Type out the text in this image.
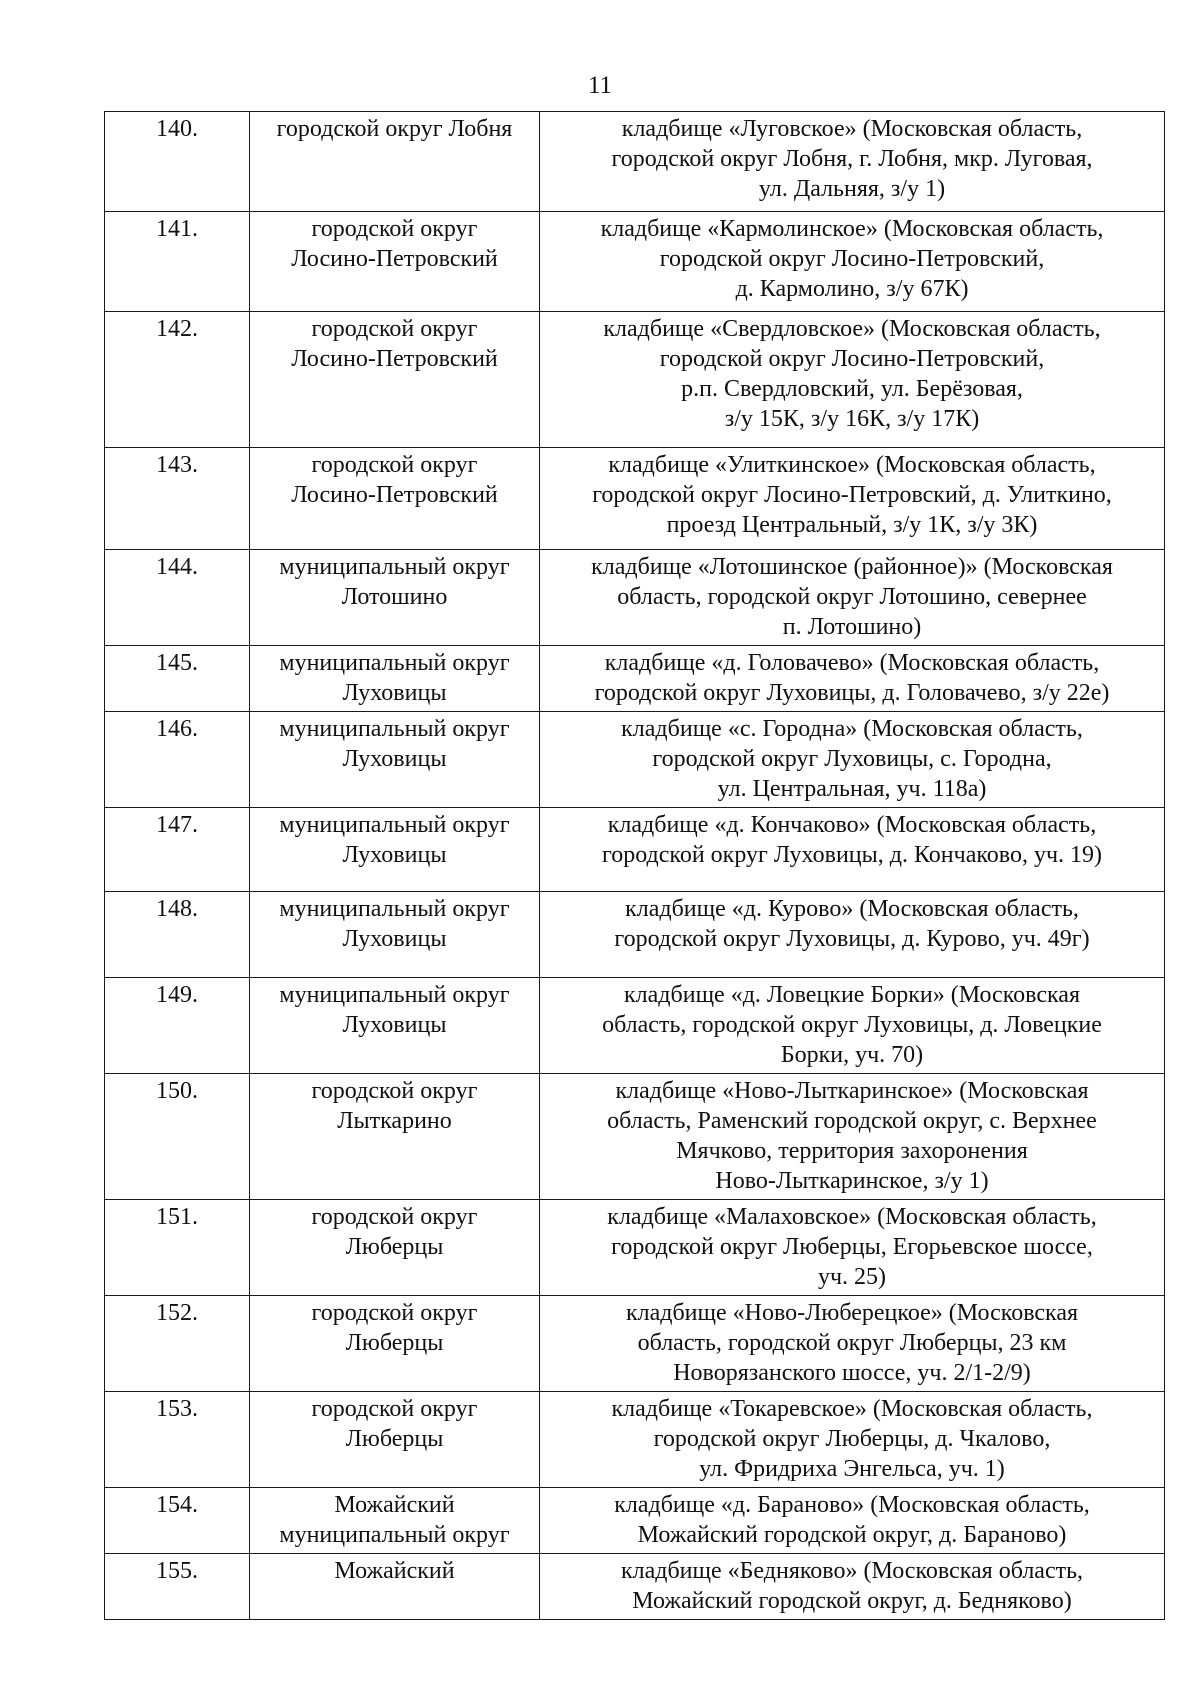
11
140.	городской округ Лобня	кладбище «Луговское» (Московская область,
городской округ Лобня, г. Лобня, мкр. Луговая,
ул. Дальняя, з/у 1)
141.	городской округ
Лосино-Петровский	кладбище «Кармолинское» (Московская область,
городской округ Лосино-Петровский,
д. Кармолино, з/у 67К)
142.	городской округ
Лосино-Петровский	кладбище «Свердловское» (Московская область,
городской округ Лосино-Петровский,
р.п. Свердловский, ул. Берёзовая,
з/у 15К, з/у 16К, з/у 17К)
143.	городской округ
Лосино-Петровский	кладбище «Улиткинское» (Московская область,
городской округ Лосино-Петровский, д. Улиткино,
проезд Центральный, з/у 1К, з/у 3К)
144.	муниципальный округ
Лотошино	кладбище «Лотошинское (районное)» (Московская
область, городской округ Лотошино, севернее
п. Лотошино)
145.	муниципальный округ
Луховицы	кладбище «д. Головачево» (Московская область,
городской округ Луховицы, д. Головачево, з/у 22е)
146.	муниципальный округ
Луховицы	кладбище «с. Городна» (Московская область,
городской округ Луховицы, с. Городна,
ул. Центральная, уч. 118а)
147.	муниципальный округ
Луховицы	кладбище «д. Кончаково» (Московская область,
городской округ Луховицы, д. Кончаково, уч. 19)
148.	муниципальный округ
Луховицы	кладбище «д. Курово» (Московская область,
городской округ Луховицы, д. Курово, уч. 49г)
149.	муниципальный округ
Луховицы	кладбище «д. Ловецкие Борки» (Московская
область, городской округ Луховицы, д. Ловецкие
Борки, уч. 70)
150.	городской округ
Лыткарино	кладбище «Ново-Лыткаринское» (Московская
область, Раменский городской округ, с. Верхнее
Мячково, территория захоронения
Ново-Лыткаринское, з/у 1)
151.	городской округ
Люберцы	кладбище «Малаховское» (Московская область,
городской округ Люберцы, Егорьевское шоссе,
уч. 25)
152.	городской округ
Люберцы	кладбище «Ново-Люберецкое» (Московская
область, городской округ Люберцы, 23 км
Новорязанского шоссе, уч. 2/1-2/9)
153.	городской округ
Люберцы	кладбище «Токаревское» (Московская область,
городской округ Люберцы, д. Чкалово,
ул. Фридриха Энгельса, уч. 1)
154.	Можайский
муниципальный округ	кладбище «д. Бараново» (Московская область,
Можайский городской округ, д. Бараново)
155.	Можайский	кладбище «Бедняково» (Московская область,
Можайский городской округ, д. Бедняково)
